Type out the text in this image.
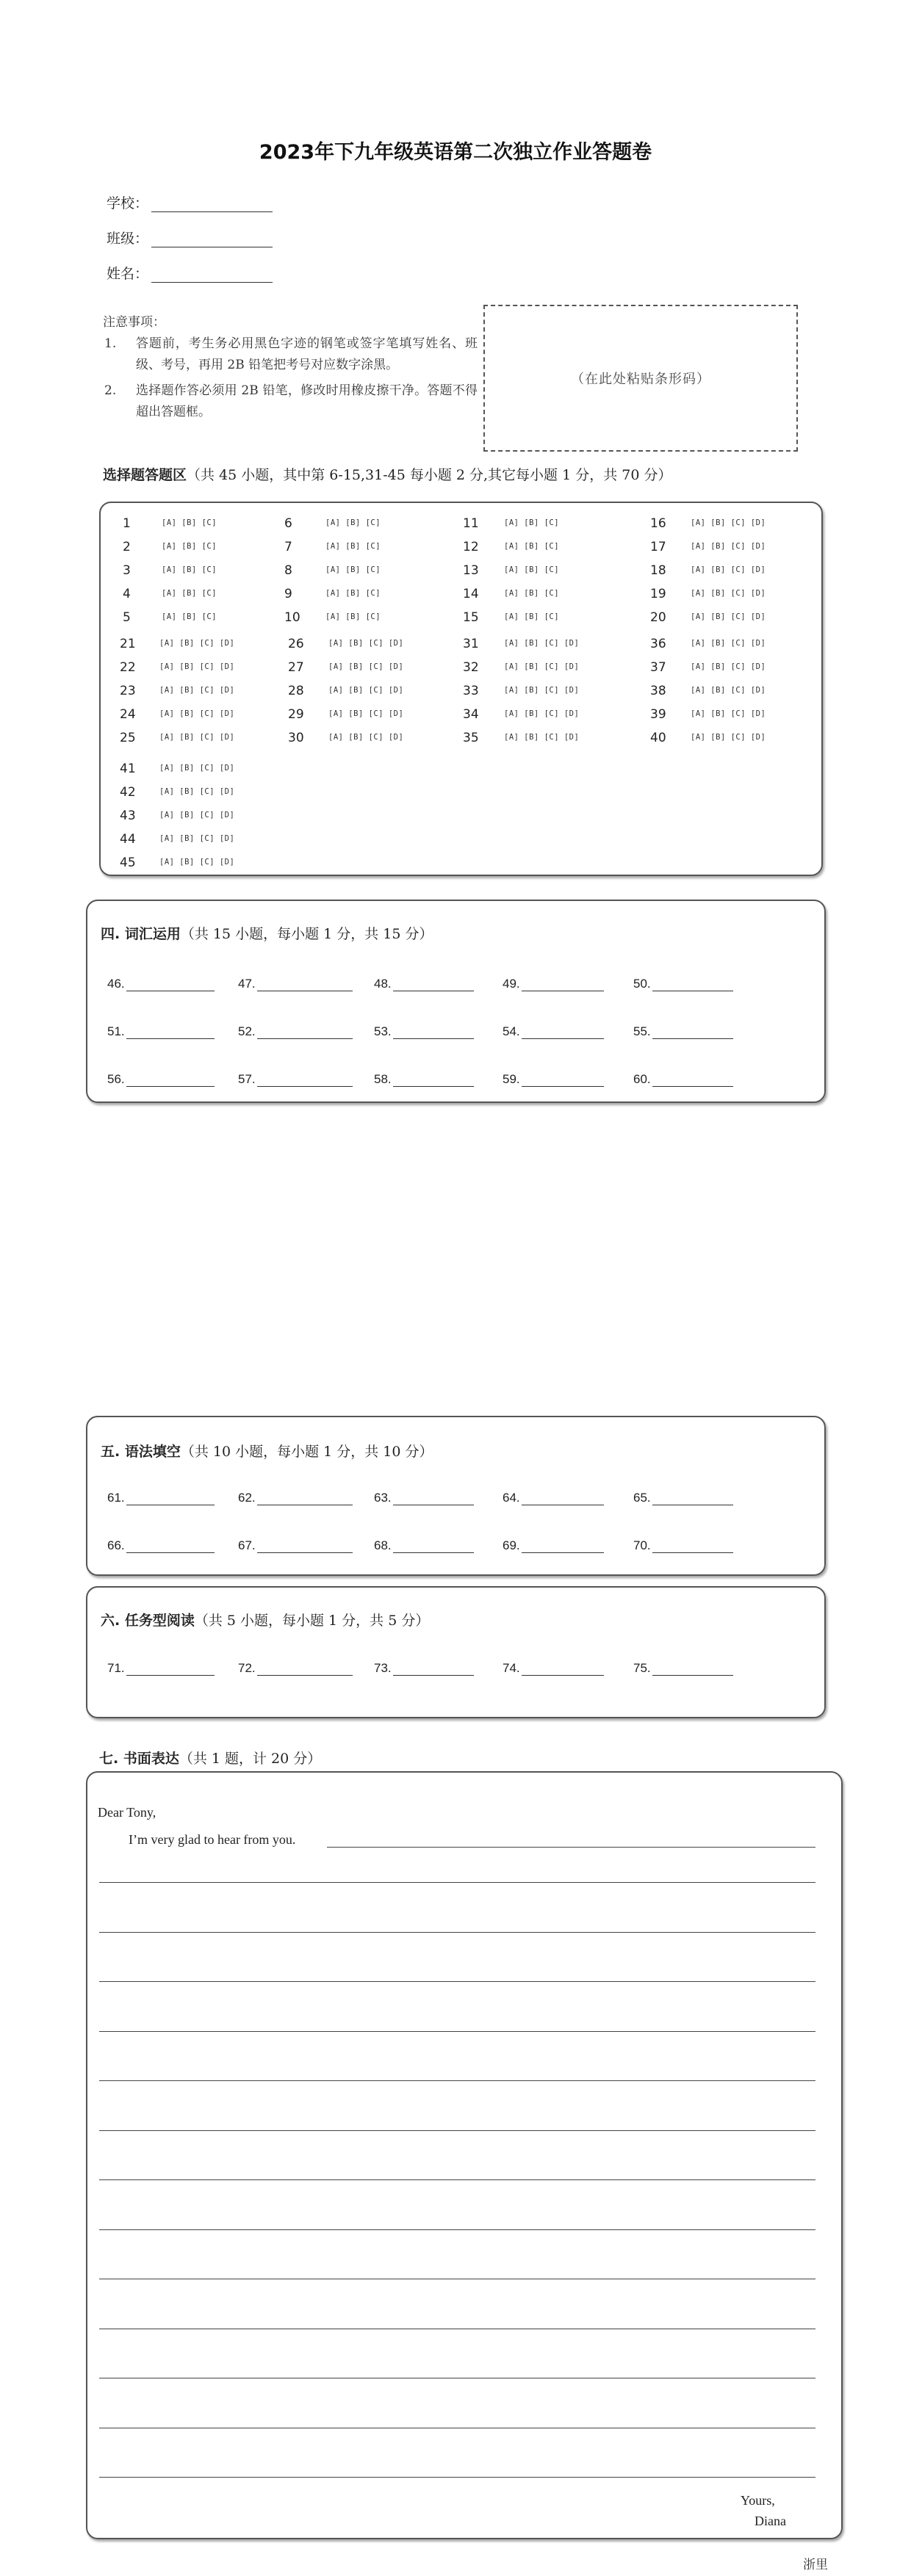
2023年下九年级英语第二次独立作业答题卷
学校：
班级：
姓名：
注意事项：
1.	答题前，考生务必用黑色字迹的钢笔或签字笔填写姓名、班级、考号，再用 2B 铅笔把考号对应数字涂黑。
2.	选择题作答必须用 2B 铅笔，修改时用橡皮擦干净。答题不得超出答题框。
（在此处粘贴条形码）
选择题答题区（共 45 小题，其中第 6-15,31-45 每小题 2 分,其它每小题 1 分，共 70 分）
四. 词汇运用（共 15 小题，每小题 1 分，共 15 分）
46.	47.	48.	49.	50.
51.	52.	53.	54.	55.
56.	57.	58.	59.	60.
五. 语法填空（共 10 小题，每小题 1 分，共 10 分）
61.	62.	63.	64.	65.
66.	67.	68.	69.	70.
六. 任务型阅读（共 5 小题，每小题 1 分，共 5 分）
71.	72.	73.	74.	75.
七. 书面表达（共 1 题，计 20 分）
Dear Tony,
I’m very glad to hear from you.
Yours,
Diana
浙里
1	[A] [B] [C]
2	[A] [B] [C]
3	[A] [B] [C]
4	[A] [B] [C]
5	[A] [B] [C]
6	[A] [B] [C]
7	[A] [B] [C]
8	[A] [B] [C]
9	[A] [B] [C]
10	[A] [B] [C]
11	[A] [B] [C]
12	[A] [B] [C]
13	[A] [B] [C]
14	[A] [B] [C]
15	[A] [B] [C]
16	[A] [B] [C] [D]
17	[A] [B] [C] [D]
18	[A] [B] [C] [D]
19	[A] [B] [C] [D]
20	[A] [B] [C] [D]
21	[A] [B] [C] [D]
22	[A] [B] [C] [D]
23	[A] [B] [C] [D]
24	[A] [B] [C] [D]
25	[A] [B] [C] [D]
26	[A] [B] [C] [D]
27	[A] [B] [C] [D]
28	[A] [B] [C] [D]
29	[A] [B] [C] [D]
30	[A] [B] [C] [D]
31	[A] [B] [C] [D]
32	[A] [B] [C] [D]
33	[A] [B] [C] [D]
34	[A] [B] [C] [D]
35	[A] [B] [C] [D]
36	[A] [B] [C] [D]
37	[A] [B] [C] [D]
38	[A] [B] [C] [D]
39	[A] [B] [C] [D]
40	[A] [B] [C] [D]
41	[A] [B] [C] [D]
42	[A] [B] [C] [D]
43	[A] [B] [C] [D]
44	[A] [B] [C] [D]
45	[A] [B] [C] [D]
